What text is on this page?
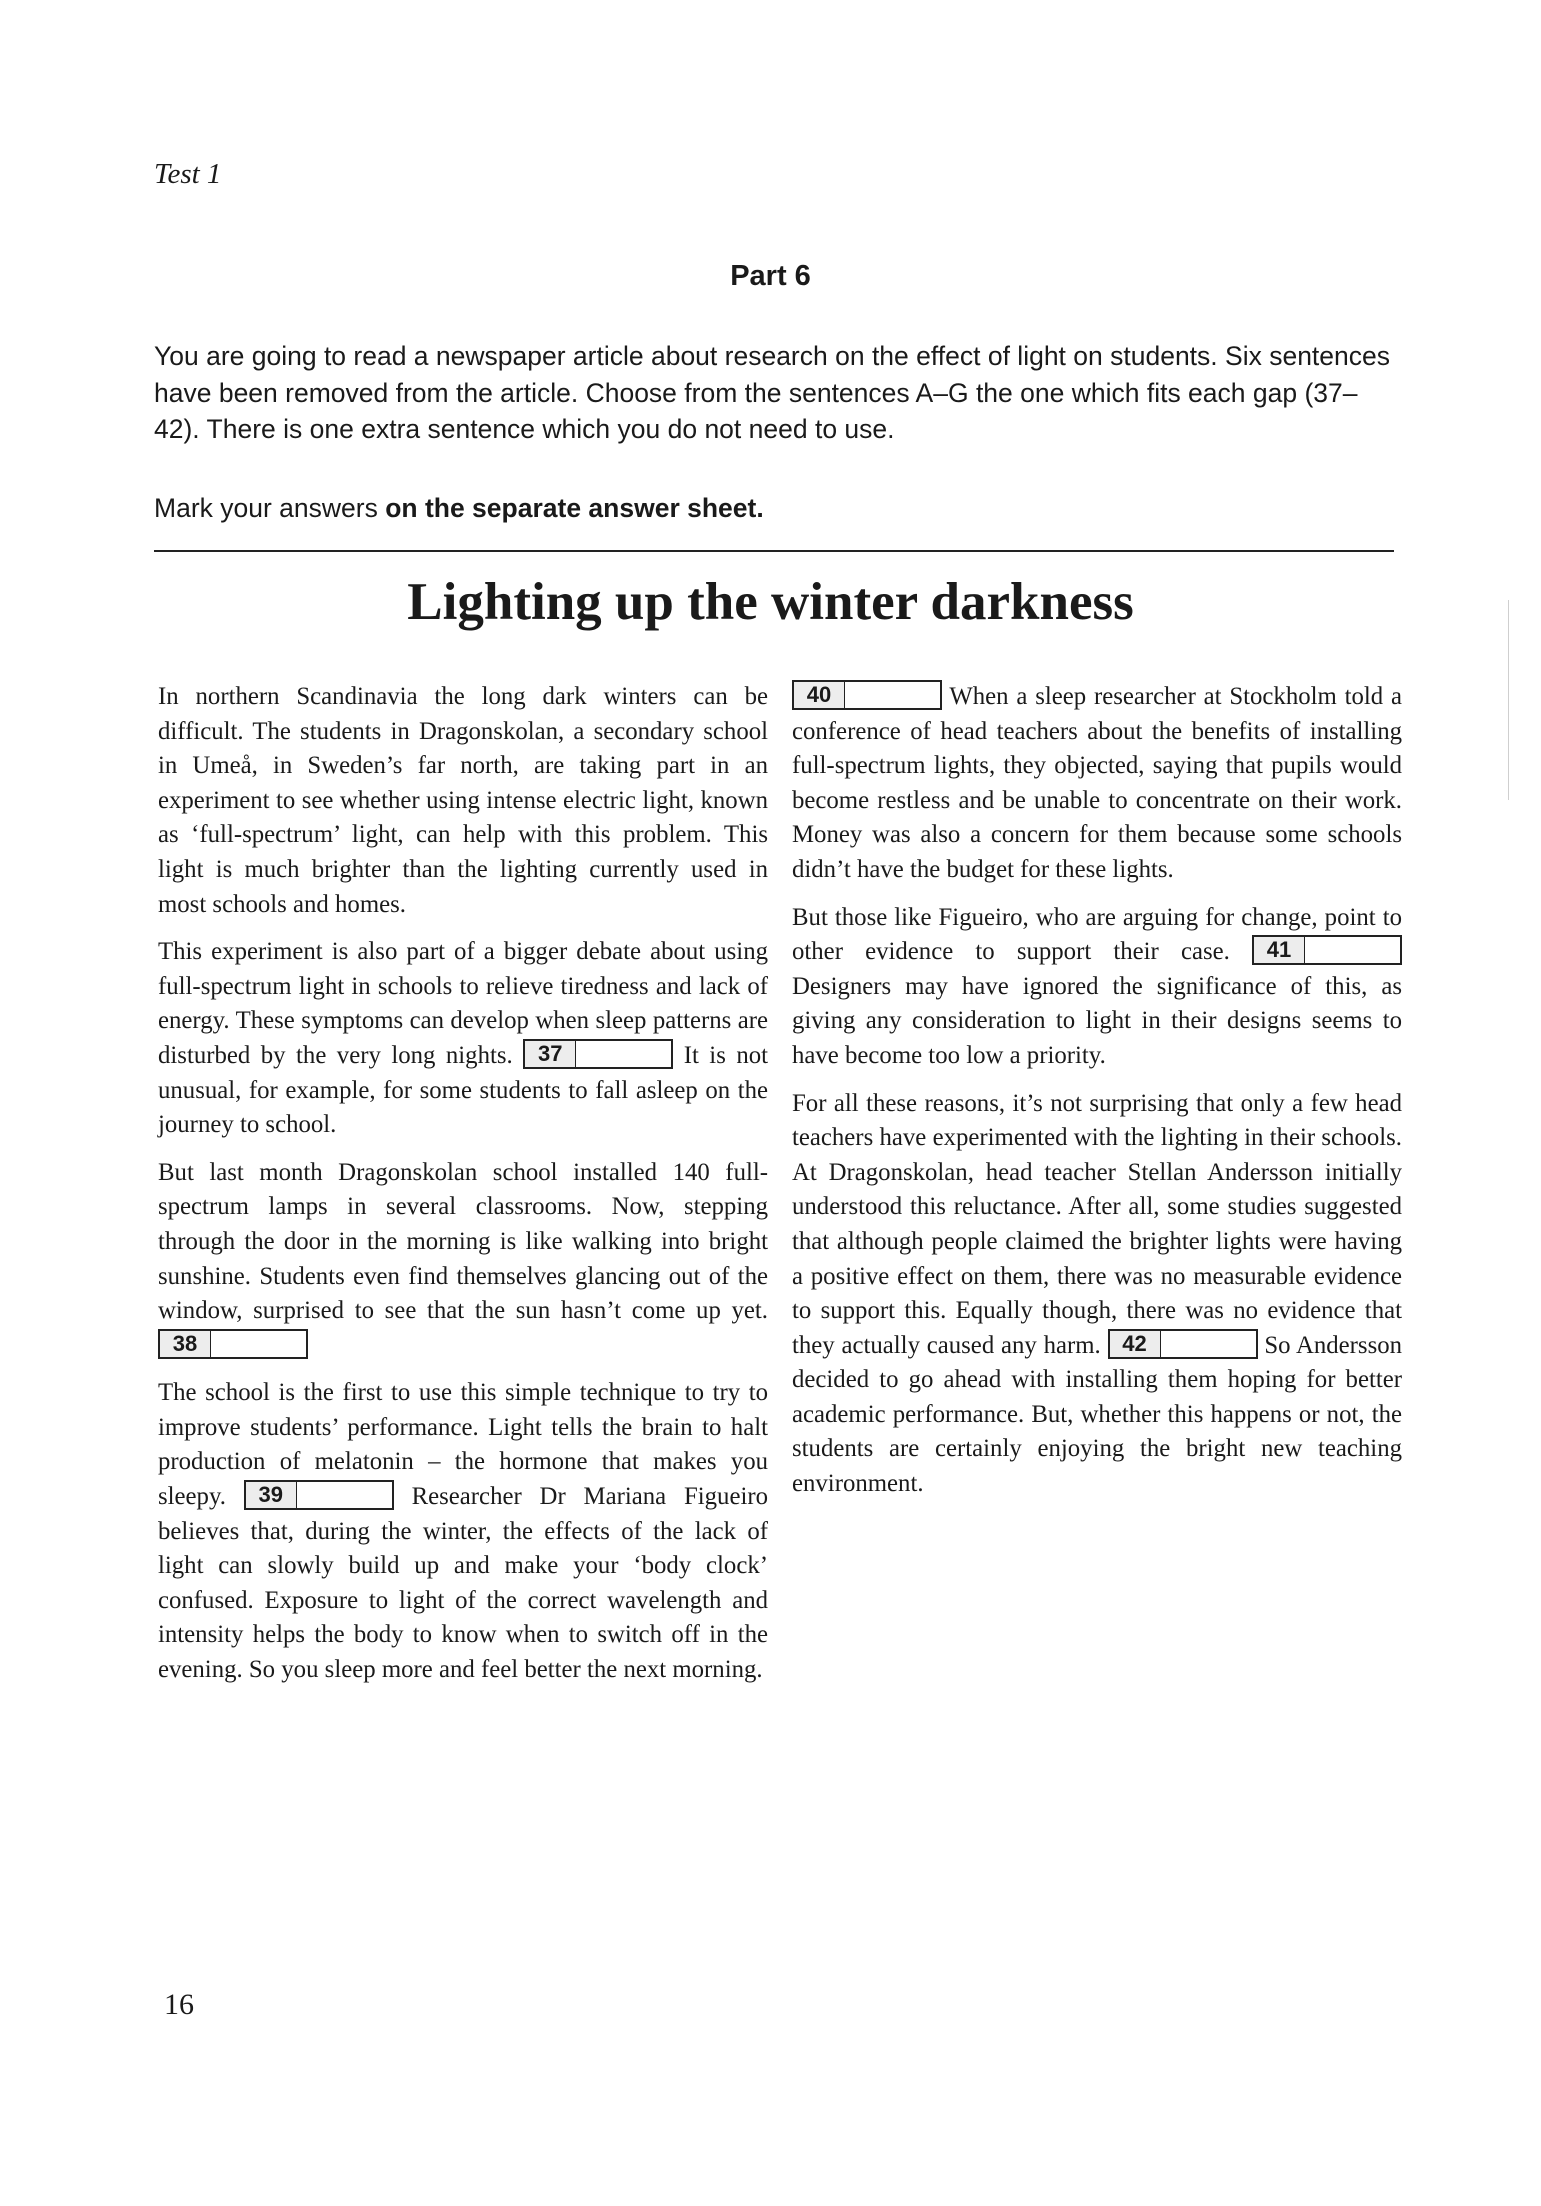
Test 1
Part 6

You are going to read a newspaper article about research on the effect of light on students. Six sentences have been removed from the article. Choose from the sentences A–G the one which fits each gap (37–42). There is one extra sentence which you do not need to use.

Mark your answers on the separate answer sheet.

Lighting up the winter darkness

In northern Scandinavia the long dark winters can be difficult. The students in Dragonskolan, a secondary school in Umeå, in Sweden’s far north, are taking part in an experiment to see whether using intense electric light, known as ‘full-spectrum’ light, can help with this problem. This light is much brighter than the lighting currently used in most schools and homes.

This experiment is also part of a bigger debate about using full-spectrum light in schools to relieve tiredness and lack of energy. These symptoms can develop when sleep patterns are disturbed by the very long nights.	37	It is not unusual, for example, for some students to fall asleep on the journey to school.

But last month Dragonskolan school installed 140 full-spectrum lamps in several classrooms. Now, stepping through the door in the morning is like walking into bright sunshine. Students even find themselves glancing out of the window, surprised to see that the sun hasn’t come up yet.
38

The school is the first to use this simple technique to try to improve students’ performance. Light tells the brain to halt production of melatonin – the hormone that makes you sleepy.	39	Researcher Dr Mariana Figueiro believes that, during the winter, the effects of the lack of light can slowly build up and make your ‘body clock’ confused. Exposure to light of the correct wavelength and intensity helps the body to know when to switch off in the evening. So you sleep more and feel better the next morning.

40	When a sleep researcher at Stockholm told a conference of head teachers about the benefits of installing full-spectrum lights, they objected, saying that pupils would become restless and be unable to concentrate on their work. Money was also a concern for them because some schools didn’t have the budget for these lights.

But those like Figueiro, who are arguing for change, point to other evidence to support their case.	41
Designers may have ignored the significance of this, as giving any consideration to light in their designs seems to have become too low a priority.

For all these reasons, it’s not surprising that only a few head teachers have experimented with the lighting in their schools. At Dragonskolan, head teacher Stellan Andersson initially understood this reluctance. After all, some studies suggested that although people claimed the brighter lights were having a positive effect on them, there was no measurable evidence to support this. Equally though, there was no evidence that they actually caused any harm. 42	So Andersson decided to go ahead with installing them hoping for better academic performance. But, whether this happens or not, the students are certainly enjoying the bright new teaching environment.

16
